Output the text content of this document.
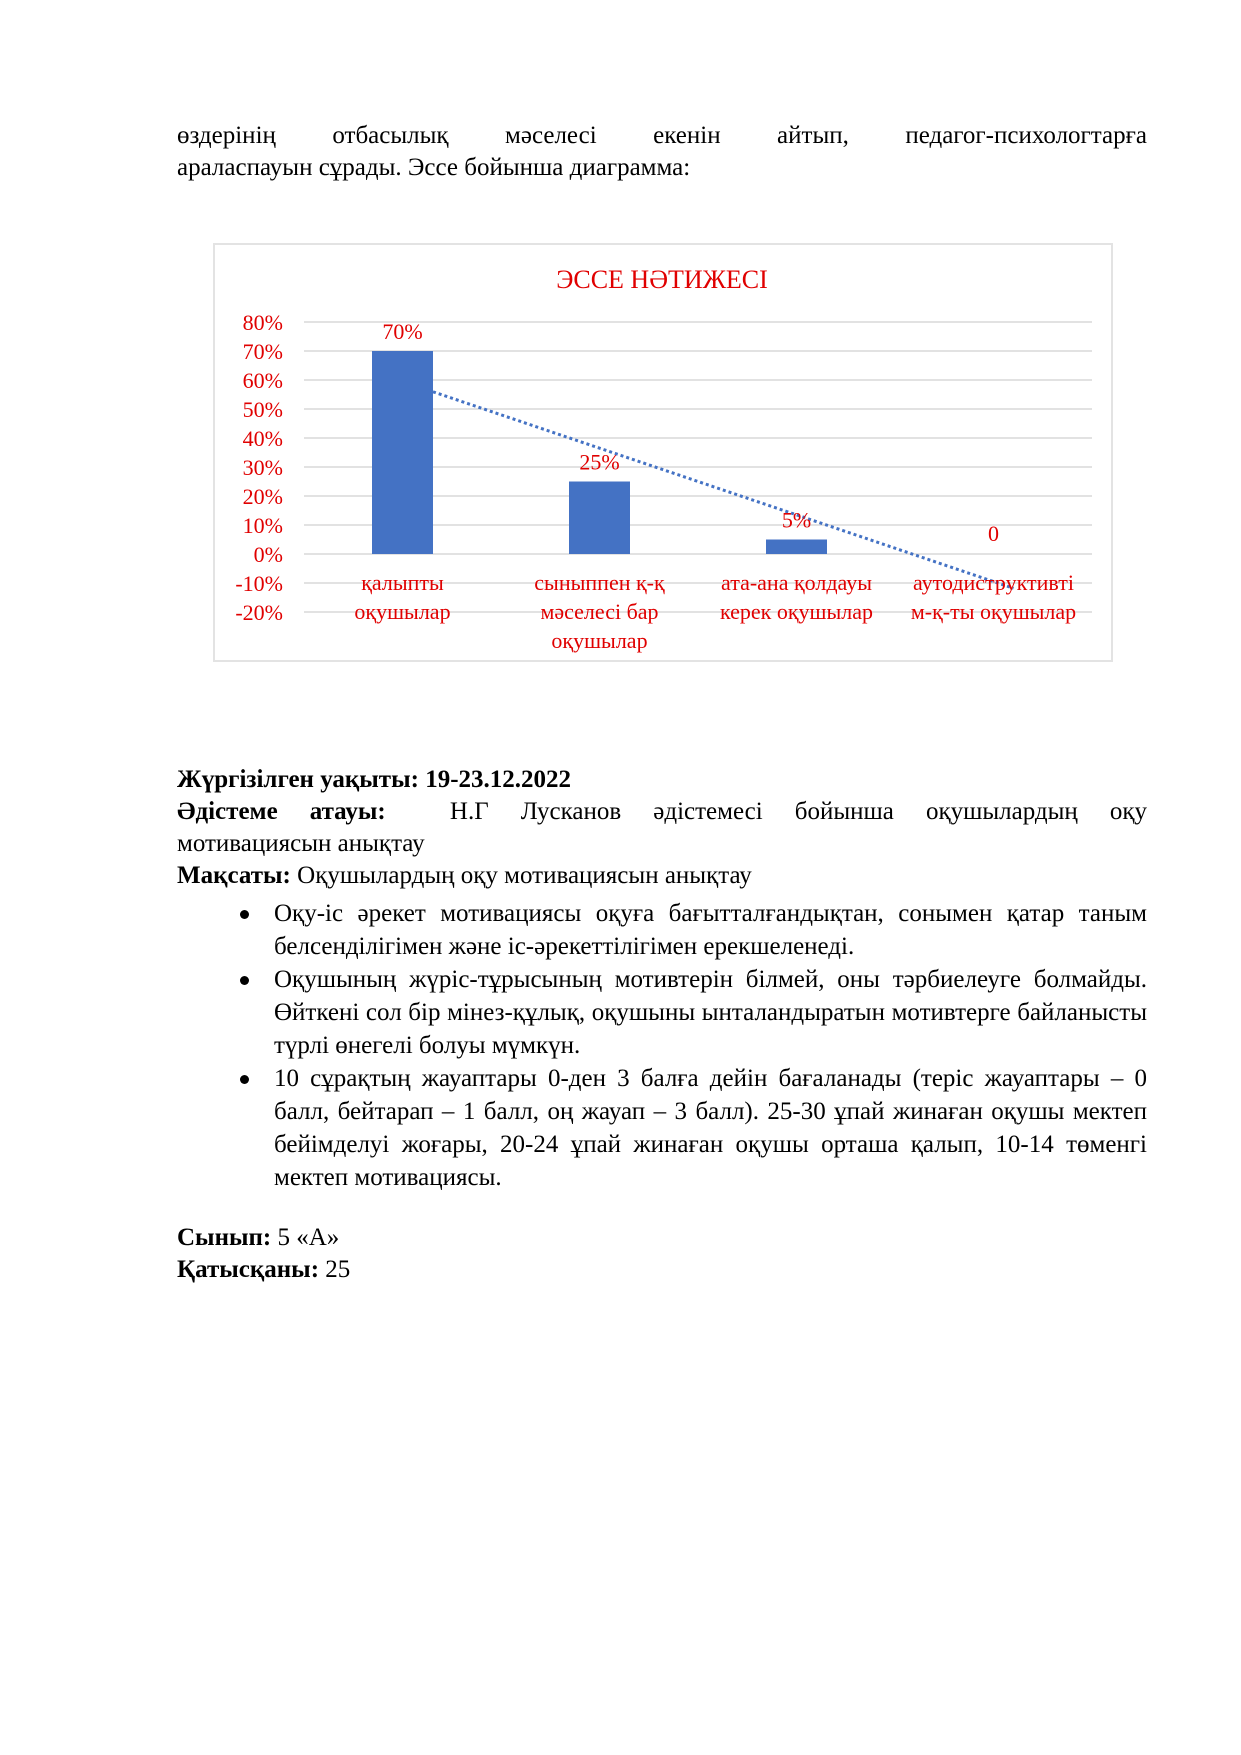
өздерінің отбасылық мәселесі екенін айтып, педагог-психологтарға
араласпауын сұрады. Эссе бойынша диаграмма:
ЭССЕ НӘТИЖЕСІ
80%
70%
60%
50%
40%
30%
20%
10%
0%
-10%
-20%
70%
25%
5%
0
қалыпты
оқушылар
сыныппен қ-қ
мәселесі бар
оқушылар
ата-ана қолдауы
керек оқушылар
аутодиструктивті
м-қ-ты оқушылар
Жүргізілген уақыты: 19-23.12.2022
Әдістеме атауы:	Н.Г Лусканов әдістемесі бойынша оқушылардың оқу
мотивациясын анықтау
Мақсаты: Оқушылардың оқу мотивациясын анықтау
Оқу-іс әрекет мотивациясы оқуға бағытталғандықтан, сонымен қатар таным белсенділігімен және іс-әрекеттілігімен ерекшеленеді.
Оқушының жүріс-тұрысының мотивтерін білмей, оны тәрбиелеуге болмайды. Өйткені сол бір мінез-құлық, оқушыны ынталандыратын мотивтерге байланысты түрлі өнегелі болуы мүмкүн.
10 сұрақтың жауаптары 0-ден 3 балға дейін бағаланады (теріс жауаптары – 0 балл, бейтарап – 1 балл, оң жауап – 3 балл). 25-30 ұпай жинаған оқушы мектеп бейімделуі жоғары, 20-24 ұпай жинаған оқушы орташа қалып, 10-14 төменгі мектеп мотивациясы.
Сынып: 5 «А»
Қатысқаны: 25
